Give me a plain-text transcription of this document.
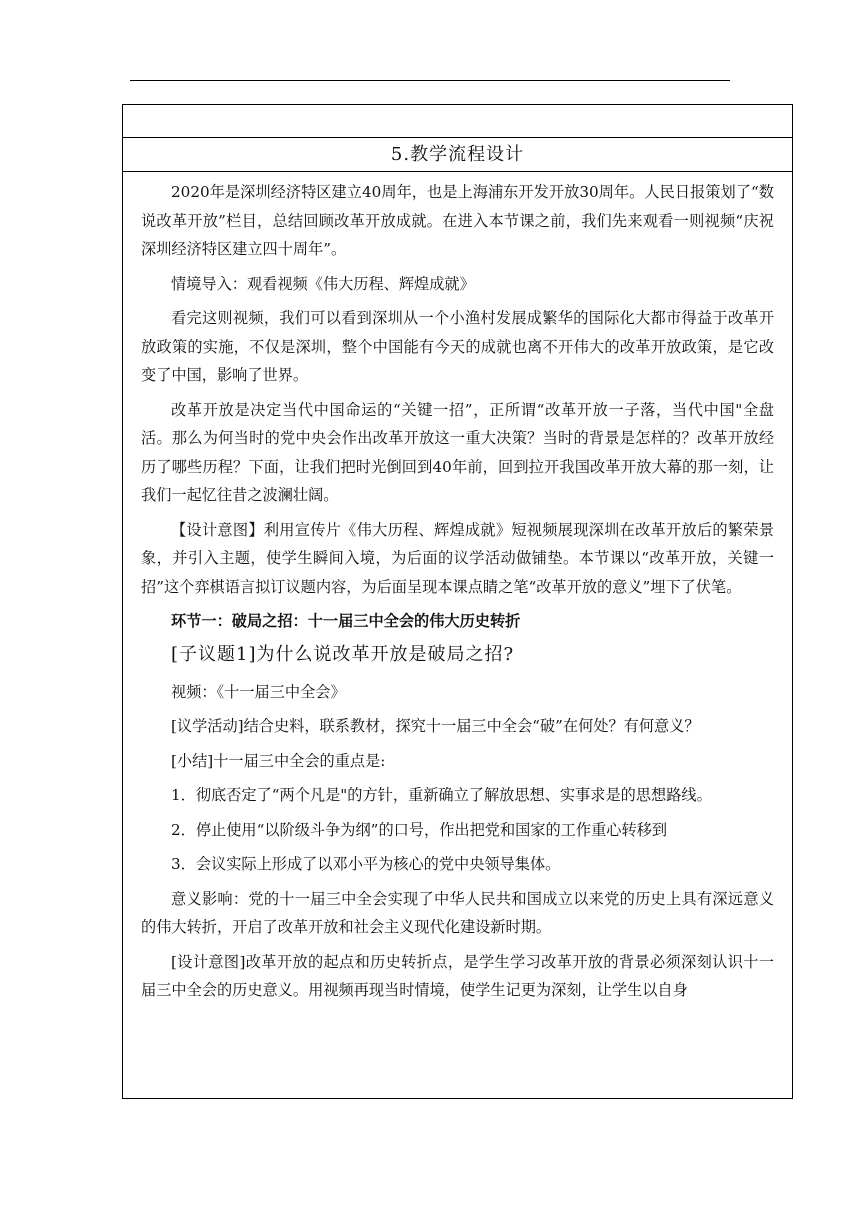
5.教学流程设计

2020年是深圳经济特区建立40周年，也是上海浦东开发开放30周年。人民日报策划了“数说改革开放”栏目，总结回顾改革开放成就。在进入本节课之前，我们先来观看一则视频“庆祝深圳经济特区建立四十周年”。

情境导入：观看视频《伟大历程、辉煌成就》

看完这则视频，我们可以看到深圳从一个小渔村发展成繁华的国际化大都市得益于改革开放政策的实施，不仅是深圳，整个中国能有今天的成就也离不开伟大的改革开放政策，是它改变了中国，影响了世界。

改革开放是决定当代中国命运的“关键一招”，正所谓“改革开放一子落，当代中国"全盘活。那么为何当时的党中央会作出改革开放这一重大决策？当时的背景是怎样的？改革开放经历了哪些历程？下面，让我们把时光倒回到40年前，回到拉开我国改革开放大幕的那一刻，让我们一起忆往昔之波澜壮阔。

【设计意图】利用宣传片《伟大历程、辉煌成就》短视频展现深圳在改革开放后的繁荣景象，并引入主题，使学生瞬间入境，为后面的议学活动做铺垫。本节课以“改革开放，关键一招”这个弈棋语言拟订议题内容，为后面呈现本课点睛之笔“改革开放的意义”埋下了伏笔。

环节一：破局之招：十一届三中全会的伟大历史转折

[子议题1]为什么说改革开放是破局之招?

视频：《十一届三中全会》

[议学活动]结合史料，联系教材，探究十一届三中全会“破”在何处？有何意义？

[小结]十一届三中全会的重点是:

1．彻底否定了“两个凡是"的方针，重新确立了解放思想、实事求是的思想路线。

2．停止使用“以阶级斗争为纲”的口号，作出把党和国家的工作重心转移到

3．会议实际上形成了以邓小平为核心的党中央领导集体。

意义影响：党的十一届三中全会实现了中华人民共和国成立以来党的历史上具有深远意义的伟大转折，开启了改革开放和社会主义现代化建设新时期。

[设计意图]改革开放的起点和历史转折点，是学生学习改革开放的背景必须深刻认识十一届三中全会的历史意义。用视频再现当时情境，使学生记更为深刻，让学生以自身
